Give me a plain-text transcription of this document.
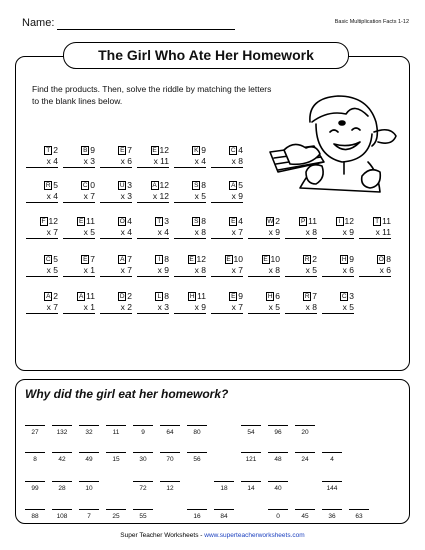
Name:	Basic Multiplication Facts 1-12
The Girl Who Ate Her Homework
Find the products. Then, solve the riddle by matching the letters to the blank lines below.
T 2
x 4
B 9
x 3
E 7
x 6
E 12
x 11
K 9
x 4
C 4
x 8
R 5
x 4
C 0
x 7
U 3
x 3
A 12
x 12
S 8
x 5
A 5
x 9
F 12
x 7
E 11
x 5
O 4
x 4
T 3
x 4
S 8
x 8
E 4
x 7
W 2
x 9
P 11
x 8
I 12
x 9
T 11
x 11
C 5
x 5
E 7
x 1
A 7
x 7
I 8
x 9
E 12
x 8
E 10
x 7
E 10
x 8
R 2
x 5
H 9
x 6
O 8
x 6
A 2
x 7
A 11
x 1
D 2
x 2
L 8
x 3
H 11
x 9
E 9
x 7
H 6
x 5
R 7
x 8
C 3
x 5
Why did the girl eat her homework?
27	132	32	11	9	64	80	54	96	20
8	42	49	15	30	70	56	121	48	24	4
99	28	10	72	12	18	14	40	144
88	108	7	25	55	16	84	0	45	36	63
Super Teacher Worksheets - www.superteacherworksheets.com
